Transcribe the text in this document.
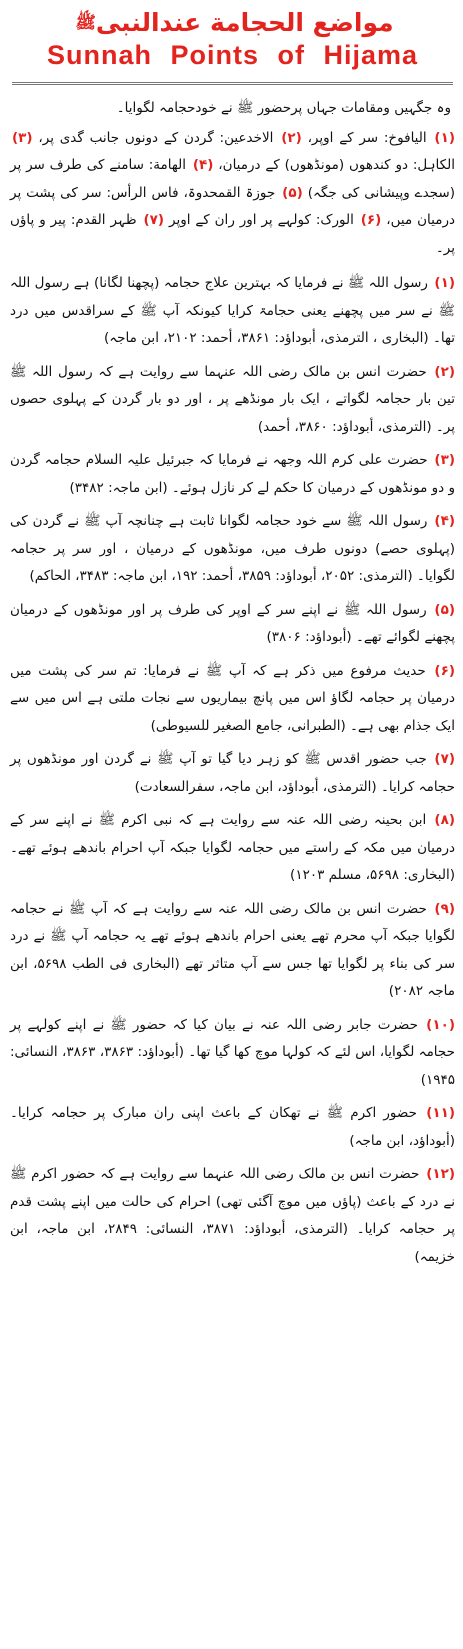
مواضع الحجامة عندالنبی$^ﷺ$
Sunnah Points of Hijama
وہ جگہیں ومقامات جہاں پرحضور ﷺ نے خودحجامہ لگوایا۔
(۱) الیافوخ: سر کے اوپر، (۲) الاخدعین: گردن کے دونوں جانب گدی پر، (۳) الکاہل: دو کندھوں (مونڈھوں) کے درمیان، (۴) الھامة: سامنے کی طرف سر پر (سجدے وپیشانی کی جگہ) (۵) جوزۃ القمحدوۃ، فاس الرأس: سر کی پشت پر درمیان میں، (۶) الورک: کولہے پر اور ران کے اوپر (۷) ظہر القدم: پیر و پاؤں پر۔
(۱) رسول اللہ ﷺ نے فرمایا کہ بہترین علاج حجامہ (پچھنا لگانا) ہے رسول اللہ ﷺ نے سر میں پچھنے یعنی حجامۃ کرایا کیونکہ آپ ﷺ کے سراقدس میں درد تھا۔ (البخاری ، الترمذی، أبوداؤد: ۳۸۶۱، أحمد: ۲۱۰۲، ابن ماجہ)
(۲) حضرت انس بن مالک رضی اللہ عنہما سے روایت ہے کہ رسول اللہ ﷺ تین بار حجامہ لگواتے ، ایک بار مونڈھے پر ، اور دو بار گردن کے پہلوی حصوں پر۔ (الترمذی، أبوداؤد: ۳۸۶۰، أحمد)
(۳) حضرت علی کرم اللہ وجھہ نے فرمایا کہ جبرئیل علیہ السلام حجامہ گردن و دو مونڈھوں کے درمیان کا حکم لے کر نازل ہوئے۔ (ابن ماجہ: ۳۴۸۲)
(۴) رسول اللہ ﷺ سے خود حجامہ لگوانا ثابت ہے چنانچہ آپ ﷺ نے گردن کی (پہلوی حصے) دونوں طرف میں، مونڈھوں کے درمیان ، اور سر پر حجامہ لگوایا۔ (الترمذی: ۲۰۵۲، أبوداؤد: ۳۸۵۹، أحمد: ۱۹۲، ابن ماجہ: ۳۴۸۳، الحاکم)
(۵) رسول اللہ ﷺ نے اپنے سر کے اوپر کی طرف پر اور مونڈھوں کے درمیان پچھنے لگوائے تھے۔ (أبوداؤد: ۳۸۰۶)
(۶) حدیث مرفوع میں ذکر ہے کہ آپ ﷺ نے فرمایا: تم سر کی پشت میں درمیان پر حجامہ لگاؤ اس میں پانچ بیماریوں سے نجات ملتی ہے اس میں سے ایک جذام بھی ہے۔ (الطبرانی، جامع الصغیر للسیوطی)
(۷) جب حضور اقدس ﷺ کو زہر دیا گیا تو آپ ﷺ نے گردن اور مونڈھوں پر حجامہ کرایا۔ (الترمذی، أبوداؤد، ابن ماجہ، سفرالسعادت)
(۸) ابن بحینہ رضی اللہ عنہ سے روایت ہے کہ نبی اکرم ﷺ نے اپنے سر کے درمیان میں مکہ کے راستے میں حجامہ لگوایا جبکہ آپ احرام باندھے ہوئے تھے۔ (البخاری: ۵۶۹۸، مسلم ۱۲۰۳)
(۹) حضرت انس بن مالک رضی اللہ عنہ سے روایت ہے کہ آپ ﷺ نے حجامہ لگوایا جبکہ آپ محرم تھے یعنی احرام باندھے ہوئے تھے یہ حجامہ آپ ﷺ نے درد سر کی بناء پر لگوایا تھا جس سے آپ متاثر تھے (البخاری فی الطب ۵۶۹۸، ابن ماجہ ۲۰۸۲)
(۱۰) حضرت جابر رضی اللہ عنہ نے بیان کیا کہ حضور ﷺ نے اپنے کولہے پر حجامہ لگوایا، اس لئے کہ کولہا موچ کھا گیا تھا۔ (أبوداؤد: ۳۸۶۳، ۳۸۶۳، النسائی: ۱۹۴۵)
(۱۱) حضور اکرم ﷺ نے تھکان کے باعث اپنی ران مبارک پر حجامہ کرایا۔ (أبوداؤد، ابن ماجہ)
(۱۲) حضرت انس بن مالک رضی اللہ عنہما سے روایت ہے کہ حضور اکرم ﷺ نے درد کے باعث (پاؤں میں موچ آگئی تھی) احرام کی حالت میں اپنے پشت قدم پر حجامہ کرایا۔ (الترمذی، أبوداؤد: ۳۸۷۱، النسائی: ۲۸۴۹، ابن ماجہ، ابن خزیمہ)
